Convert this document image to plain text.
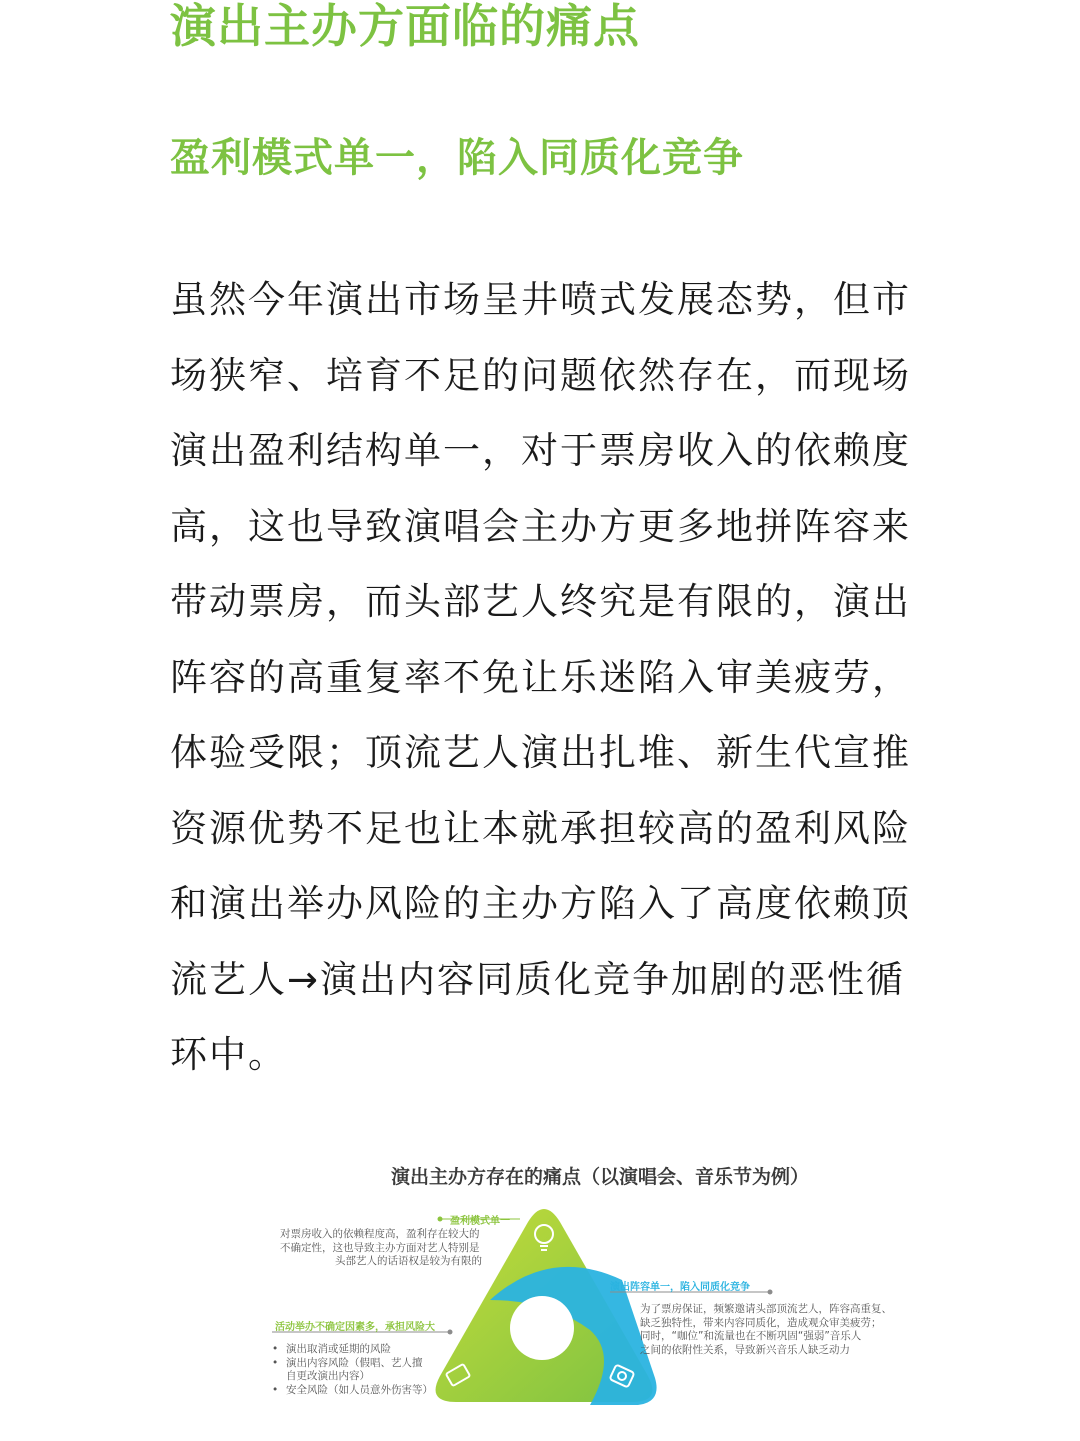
演出主办方面临的痛点
盈利模式单一，陷入同质化竞争

虽然今年演出市场呈井喷式发展态势，但市
场狭窄、培育不足的问题依然存在，而现场
演出盈利结构单一，对于票房收入的依赖度
高，这也导致演唱会主办方更多地拼阵容来
带动票房，而头部艺人终究是有限的，演出
阵容的高重复率不免让乐迷陷入审美疲劳，
体验受限；顶流艺人演出扎堆、新生代宣推
资源优势不足也让本就承担较高的盈利风险
和演出举办风险的主办方陷入了高度依赖顶
流艺人→演出内容同质化竞争加剧的恶性循
环中。

演出主办方存在的痛点（以演唱会、音乐节为例）
盈利模式单一
对票房收入的依赖程度高，盈利存在较大的
不确定性，这也导致主办方面对艺人特别是
头部艺人的话语权是较为有限的
演出阵容单一，陷入同质化竞争
为了票房保证，频繁邀请头部顶流艺人，阵容高重复、
缺乏独特性，带来内容同质化，造成观众审美疲劳；
同时，“咖位”和流量也在不断巩固“强弱”音乐人
之间的依附性关系，导致新兴音乐人缺乏动力
活动举办不确定因素多，承担风险大
• 演出取消或延期的风险
• 演出内容风险（假唱、艺人擅
自更改演出内容）
• 安全风险（如人员意外伤害等）
